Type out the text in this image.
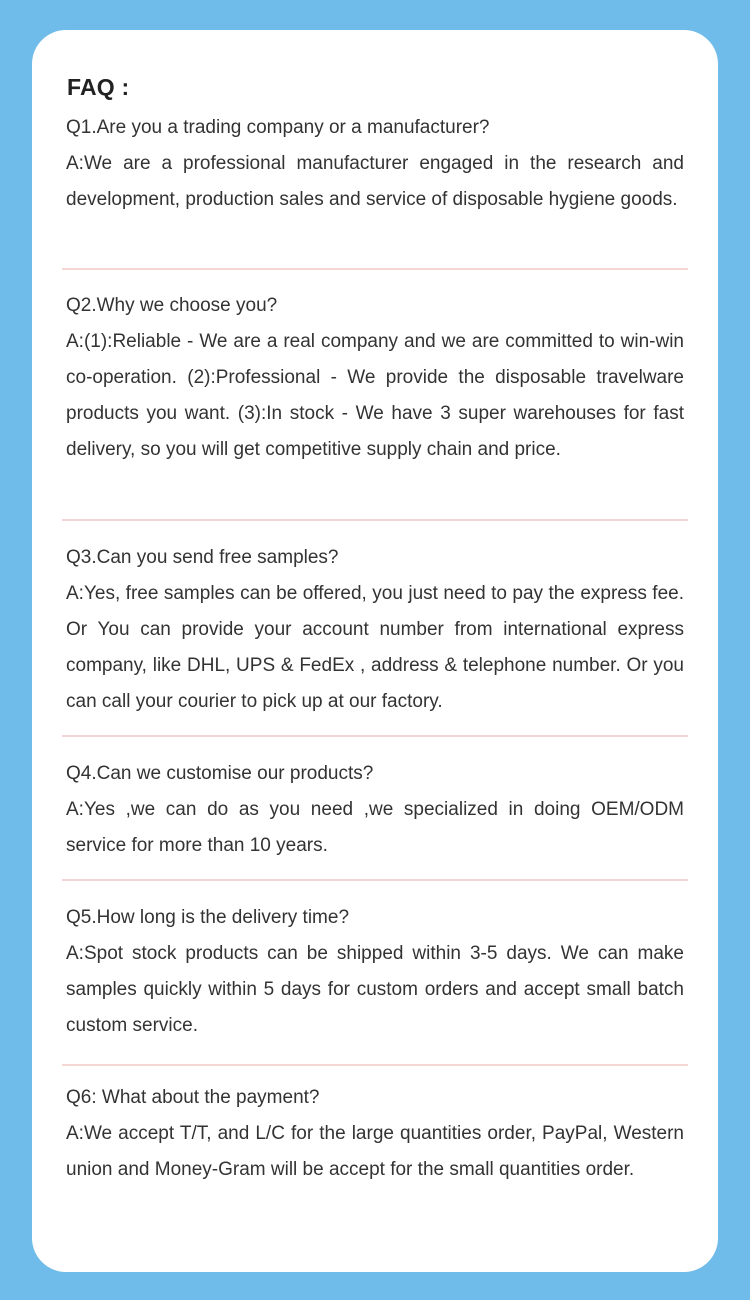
FAQ :

Q1.Are you a trading company or a manufacturer?

A:We are a professional manufacturer engaged in the research and development, production sales and service of disposable hygiene goods.

Q2.Why we choose you?

A:(1):Reliable - We are a real company and we are committed to win-win co-operation. (2):Professional - We provide the disposable travelware products you want. (3):In stock - We have 3 super warehouses for fast delivery, so you will get competitive supply chain and price.

Q3.Can you send free samples?

A:Yes, free samples can be offered, you just need to pay the express fee. Or You can provide your account number from international express company, like DHL, UPS & FedEx , address & telephone number. Or you can call your courier to pick up at our factory.

Q4.Can we customise our products?

A:Yes ,we can do as you need ,we specialized in doing OEM/ODM service for more than 10 years.

Q5.How long is the delivery time?

A:Spot stock products can be shipped within 3-5 days. We can make samples quickly within 5 days for custom orders and accept small batch custom service.

Q6: What about the payment?

A:We accept T/T, and L/C for the large quantities order, PayPal, Western union and Money-Gram will be accept for the small quantities order.
